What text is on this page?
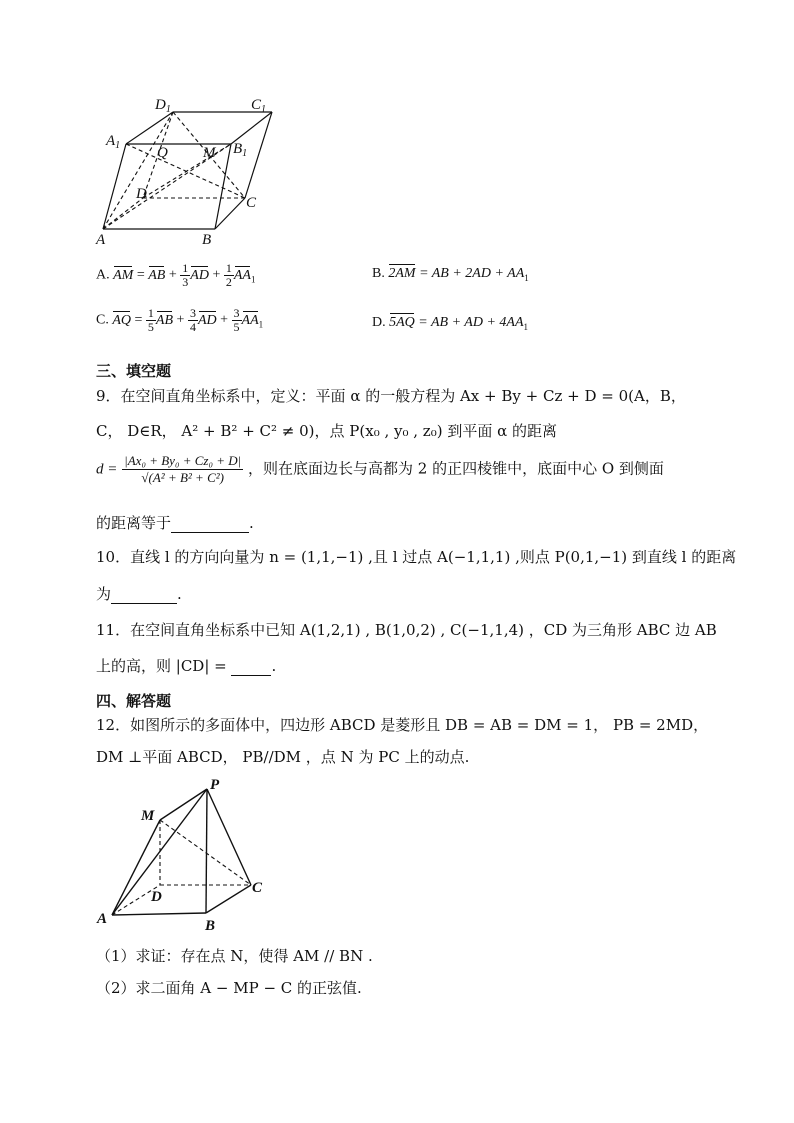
$D_1$	$C_1$
$A_1$	$B_1$
Q M
D
C
A	B
A. AM = AB + $\frac{1}{3}$ AD + $\frac{1}{2} AA_1$	B. 2AM = AB + $2AD + AA_1$
C. AQ = $\frac{1}{5}$ AB + $\frac{3}{4}$ AD + $\frac{3}{5} AA_1$	D. 5AQ = AB + AD + $4AA_1$
三、填空题
9．在空间直角坐标系中，定义：平面 α 的一般方程为 Ax + By + Cz + D = 0(A，B，
C， D∈R， A² + B² + C² ≠ 0)，点 P(x₀ , y₀ , z₀) 到平面 α 的距离
$d = \frac{\text{|Ax₀ + By₀ + Cz₀ + D|}}{\text{√(A² + B² + C²)}}$ ，则在底面边长与高都为 2 的正四棱锥中，底面中心 O 到侧面
的距离等于	.
10．直线 l 的方向向量为 n = (1,1,−1) ,且 l 过点 A(−1,1,1) ,则点 P(0,1,−1) 到直线 l 的距离
为	.
11．在空间直角坐标系中已知 A(1,2,1) , B(1,0,2) , C(−1,1,4) ，CD 为三角形 ABC 边 AB
上的高，则 |CD| =	.
四、解答题
12．如图所示的多面体中，四边形 ABCD 是菱形且 DB = AB = DM = 1， PB = 2MD，
DM ⊥平面 ABCD， PB//DM ，点 N 为 PC 上的动点.
P
M
D
C
A	B
（1）求证：存在点 N，使得 AM // BN .
（2）求二面角 A − MP − C 的正弦值.
